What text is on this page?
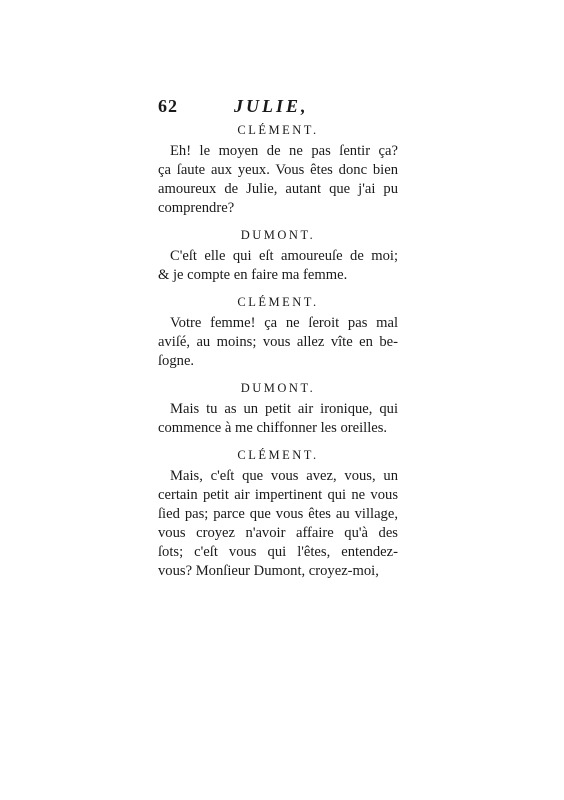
62	JULIE,
CLÉMENT.
Eh! le moyen de ne pas ſentir ça?
ça ſaute aux yeux. Vous êtes donc bien
amoureux de Julie, autant que j'ai pu
comprendre?
DUMONT.
C'eſt elle qui eſt amoureuſe de moi;
& je compte en faire ma femme.
CLÉMENT.
Votre femme! ça ne ſeroit pas mal
aviſé, au moins; vous allez vîte en be-
ſogne.
DUMONT.
Mais tu as un petit air ironique, qui
commence à me chiffonner les oreilles.
CLÉMENT.
Mais, c'eſt que vous avez, vous, un
certain petit air impertinent qui ne vous
ſied pas; parce que vous êtes au village,
vous croyez n'avoir affaire qu'à des
ſots; c'eſt vous qui l'êtes, entendez-
vous? Monſieur Dumont, croyez-moi,
